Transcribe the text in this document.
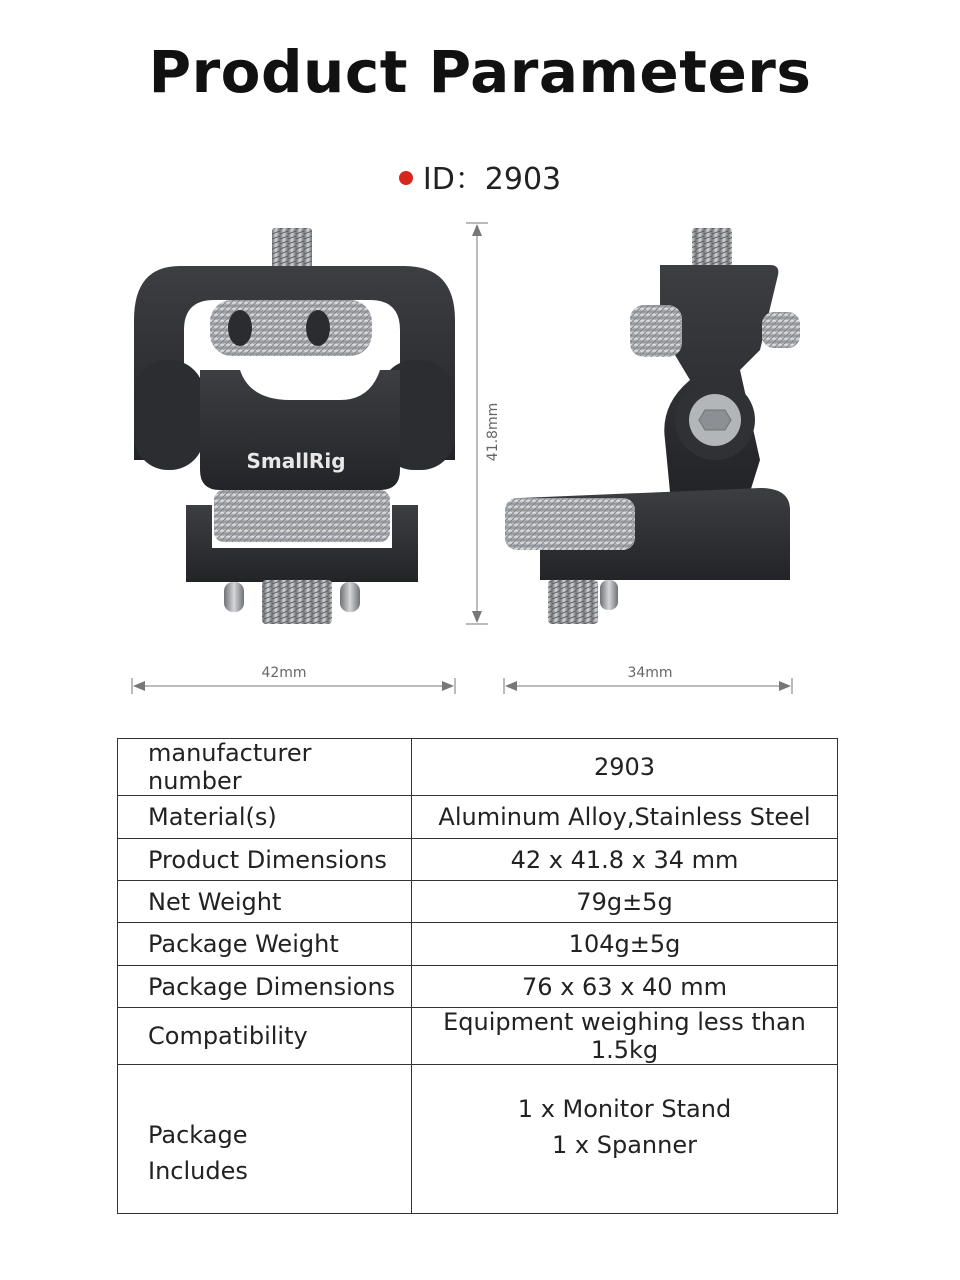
Product Parameters
ID：2903
SmallRig
42mm	34mm
41.8mm
manufacturer number	2903
Material(s)	Aluminum Alloy,Stainless Steel
Product Dimensions	42 x 41.8 x 34 mm
Net Weight	79g±5g
Package Weight	104g±5g
Package Dimensions	76 x 63 x 40 mm
Compatibility	Equipment weighing less than 1.5kg
Package
Includes	1 x Monitor Stand
1 x Spanner
